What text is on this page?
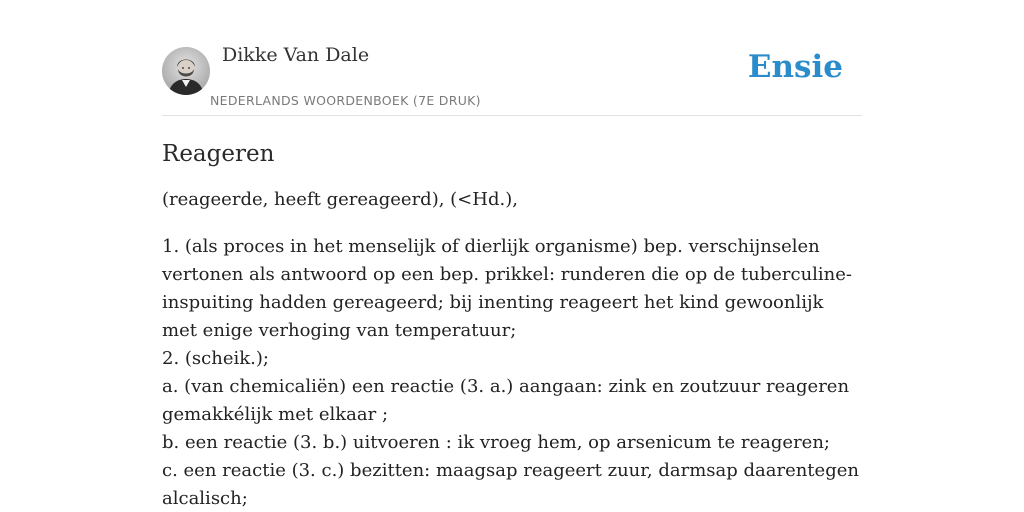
Dikke Van Dale
NEDERLANDS WOORDENBOEK (7E DRUK)
Ensie
Reageren

(reageerde, heeft gereageerd), (<Hd.),

1. (als proces in het menselijk of dierlijk organisme) bep. verschijnselen vertonen als antwoord op een bep. prikkel: runderen die op de tuberculine-inspuiting hadden gereageerd; bij inenting reageert het kind gewoonlijk met enige verhoging van temperatuur;

2. (scheik.);

a. (van chemicaliën) een reactie (3. a.) aangaan: zink en zoutzuur reageren gemakkélijk met elkaar ;

b. een reactie (3. b.) uitvoeren : ik vroeg hem, op arsenicum te reageren;

c. een reactie (3. c.) bezitten: maagsap reageert zuur, darmsap daarentegen alcalisch;
